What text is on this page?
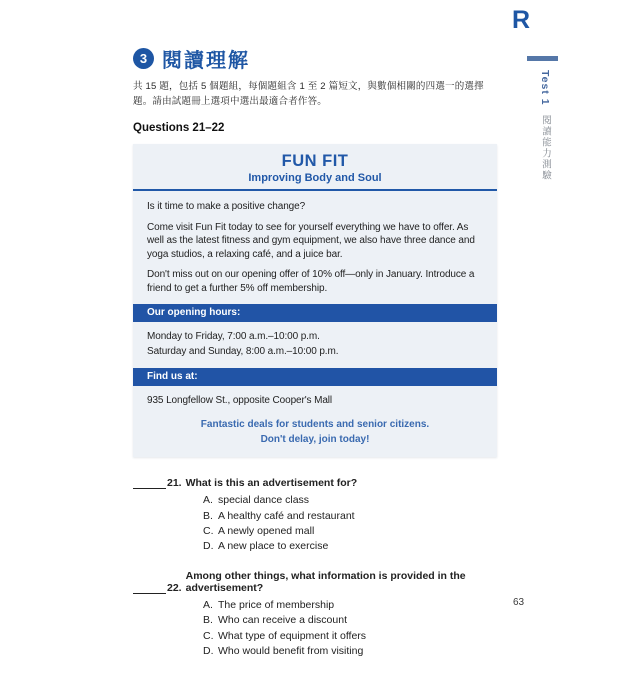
R
Test 1
閱讀能力測驗
3 閱讀理解
共 15 題，包括 5 個題組，每個題組含 1 至 2 篇短文，與數個相關的四選一的選擇題。請由試題冊上選項中選出最適合者作答。
Questions 21–22
FUN FIT
Improving Body and Soul
Is it time to make a positive change?
Come visit Fun Fit today to see for yourself everything we have to offer. As well as the latest fitness and gym equipment, we also have three dance and yoga studios, a relaxing café, and a juice bar.
Don't miss out on our opening offer of 10% off—only in January. Introduce a friend to get a further 5% off membership.
Our opening hours:
Monday to Friday, 7:00 a.m.–10:00 p.m.
Saturday and Sunday, 8:00 a.m.–10:00 p.m.
Find us at:
935 Longfellow St., opposite Cooper's Mall
Fantastic deals for students and senior citizens.
Don't delay, join today!
21. What is this an advertisement for?
A. special dance class
B. A healthy café and restaurant
C. A newly opened mall
D. A new place to exercise
22.
Among other things, what information is provided in the advertisement?
A. The price of membership
B. Who can receive a discount
C. What type of equipment it offers
D. Who would benefit from visiting
63
